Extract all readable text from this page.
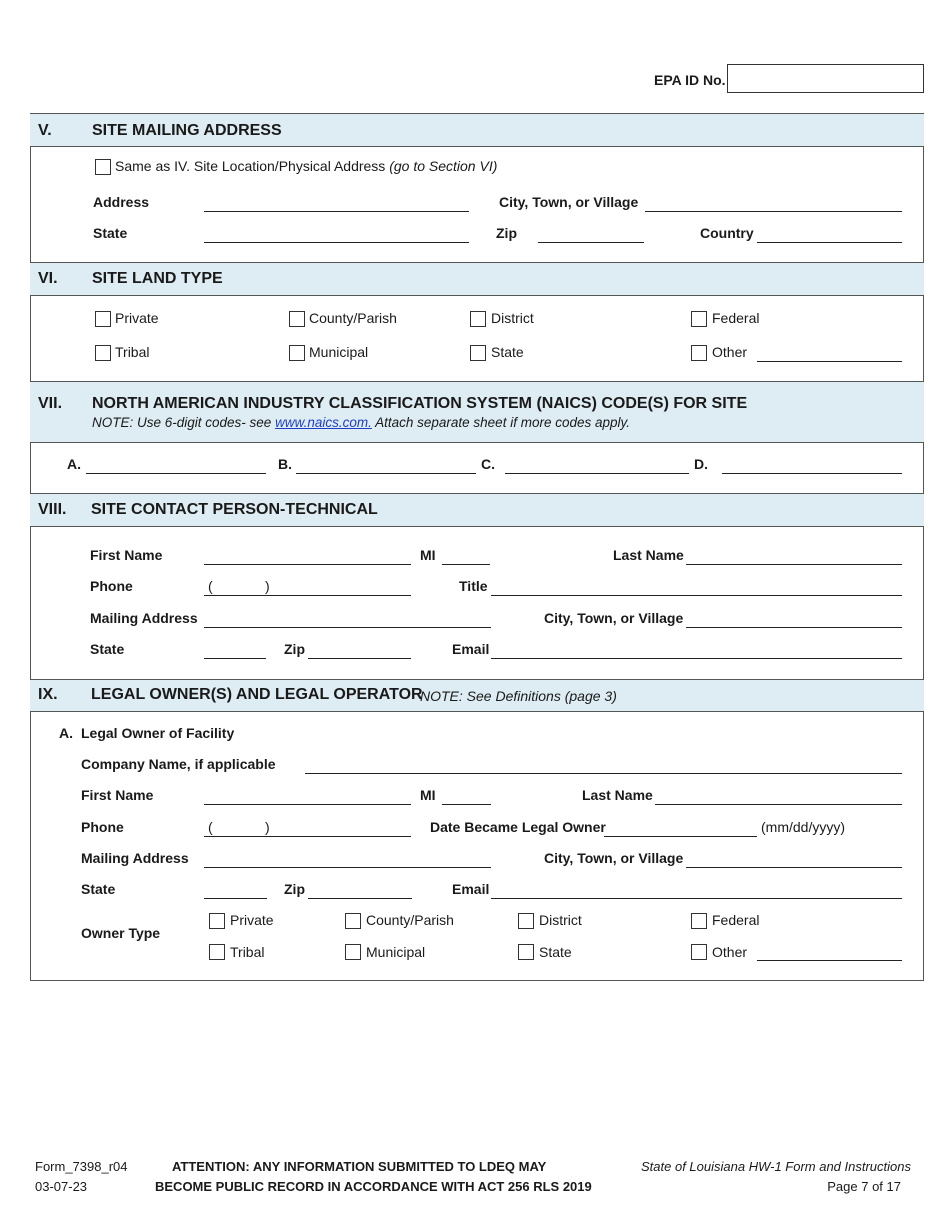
EPA ID No.
V.	SITE MAILING ADDRESS
Same as IV. Site Location/Physical Address (go to Section VI)
Address	City, Town, or Village
State	Zip	Country
VI. SITE LAND TYPE
Private	County/Parish	District	Federal
Tribal	Municipal	State	Other
VII. NORTH AMERICAN INDUSTRY CLASSIFICATION SYSTEM (NAICS) CODE(S) FOR SITE
NOTE: Use 6-digit codes- see www.naics.com. Attach separate sheet if more codes apply.
A.	B.	C.	D.
VIII. SITE CONTACT PERSON-TECHNICAL
First Name	MI	Last Name
Phone	(	)	Title
Mailing Address	City, Town, or Village
State	Zip	Email
IX. LEGAL OWNER(S) AND LEGAL OPERATOR
NOTE: See Definitions (page 3)
A. Legal Owner of Facility
Company Name, if applicable
First Name	MI	Last Name
Phone	(	)	Date Became Legal Owner	(mm/dd/yyyy)
Mailing Address	City, Town, or Village
State	Zip	Email
Owner Type
Private	County/Parish	District	Federal
Tribal	Municipal	State	Other
Form_7398_r04
03-07-23
ATTENTION: ANY INFORMATION SUBMITTED TO LDEQ MAY
BECOME PUBLIC RECORD IN ACCORDANCE WITH ACT 256 RLS 2019
State of Louisiana HW-1 Form and Instructions
Page 7 of 17
